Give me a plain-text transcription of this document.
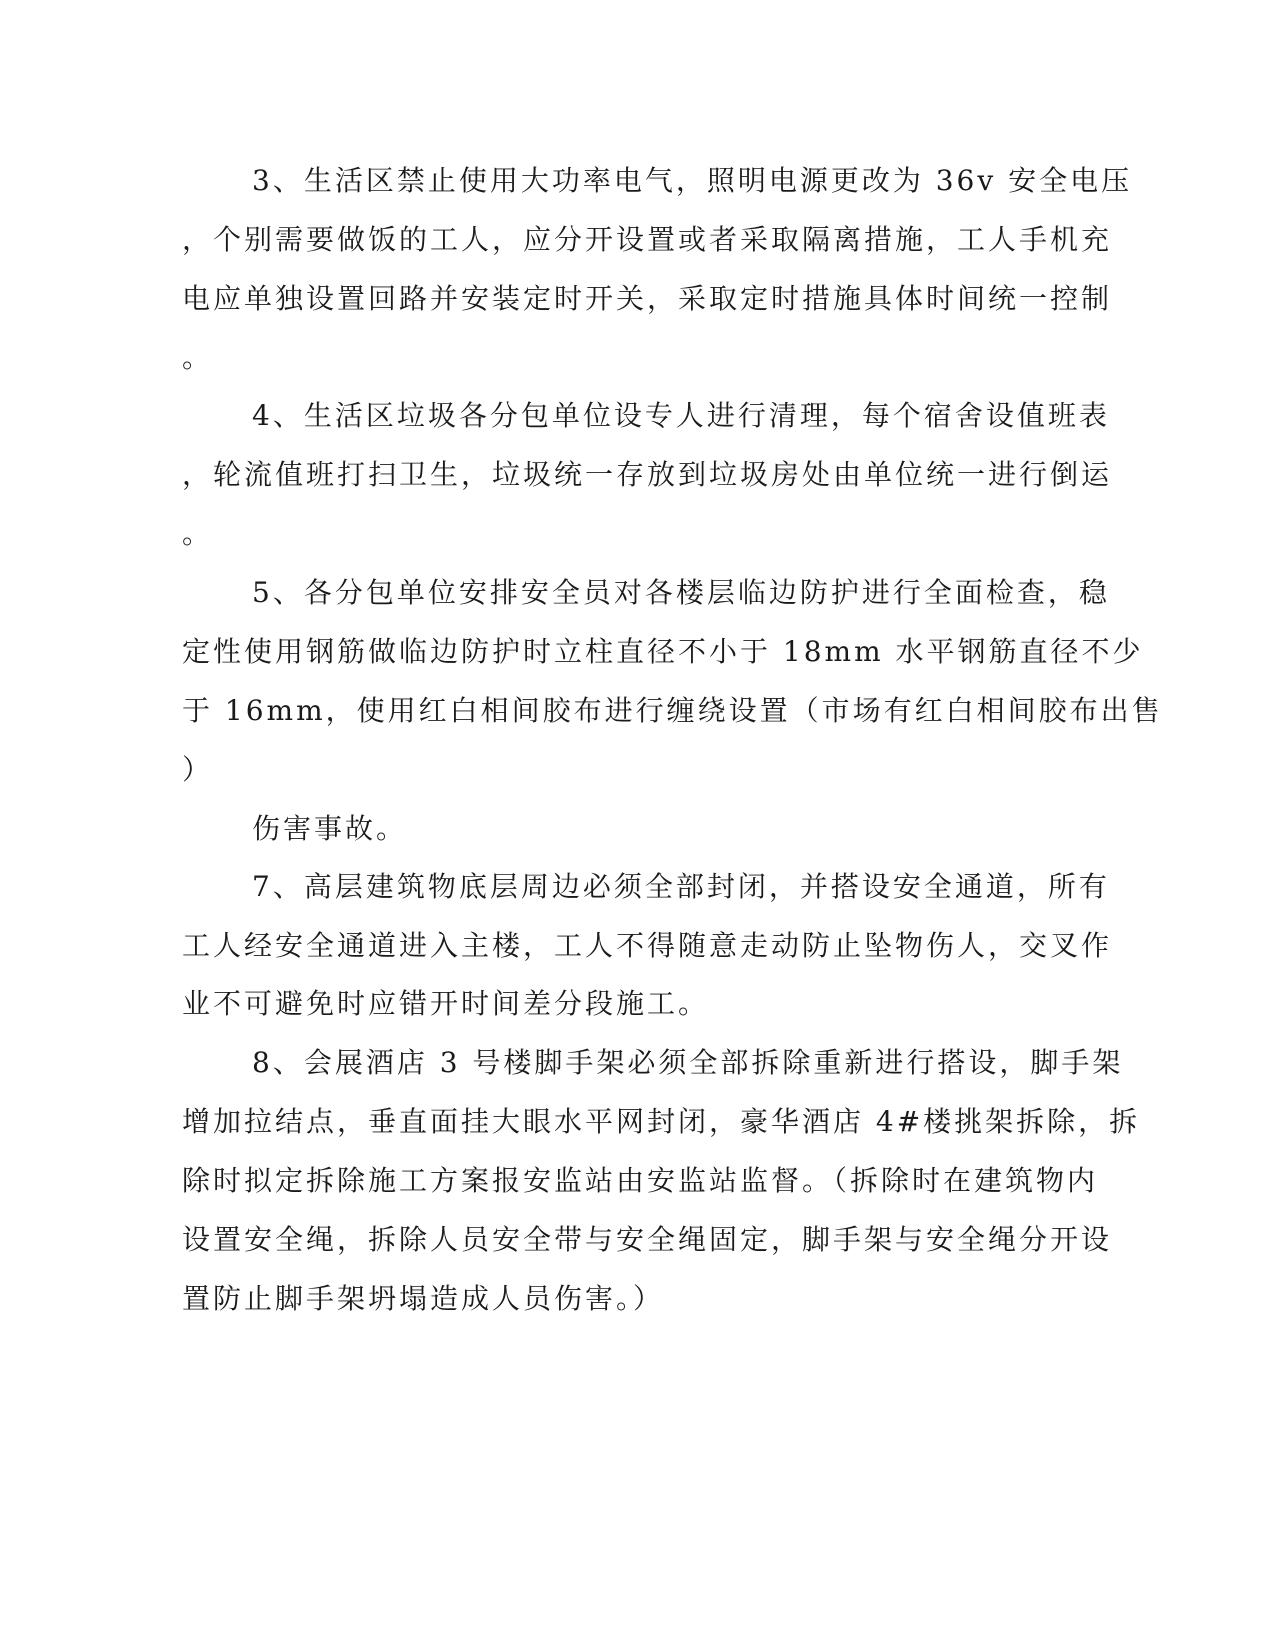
3、生活区禁止使用大功率电气，照明电源更改为 36v 安全电压

，个别需要做饭的工人，应分开设置或者采取隔离措施，工人手机充

电应单独设置回路并安装定时开关，采取定时措施具体时间统一控制

。

4、生活区垃圾各分包单位设专人进行清理，每个宿舍设值班表

，轮流值班打扫卫生，垃圾统一存放到垃圾房处由单位统一进行倒运

。

5、各分包单位安排安全员对各楼层临边防护进行全面检查，稳

定性使用钢筋做临边防护时立柱直径不小于 18mm 水平钢筋直径不少

于 16mm，使用红白相间胶布进行缠绕设置（市场有红白相间胶布出售

）

伤害事故。

7、高层建筑物底层周边必须全部封闭，并搭设安全通道，所有

工人经安全通道进入主楼，工人不得随意走动防止坠物伤人，交叉作

业不可避免时应错开时间差分段施工。

8、会展酒店 3 号楼脚手架必须全部拆除重新进行搭设，脚手架

增加拉结点，垂直面挂大眼水平网封闭，豪华酒店 4#楼挑架拆除，拆

除时拟定拆除施工方案报安监站由安监站监督。（拆除时在建筑物内

设置安全绳，拆除人员安全带与安全绳固定，脚手架与安全绳分开设

置防止脚手架坍塌造成人员伤害。）
